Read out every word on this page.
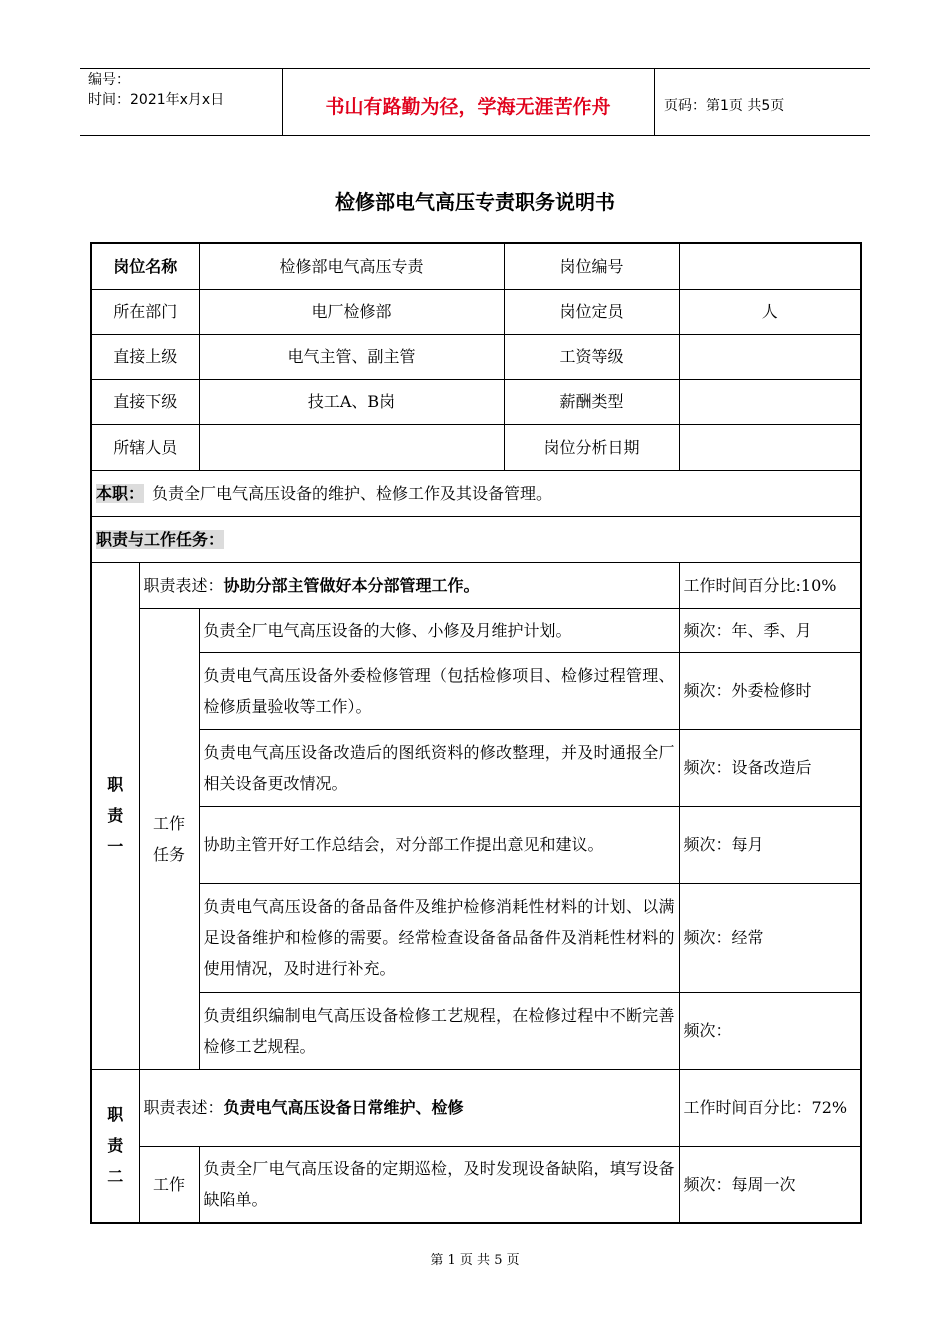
编号：
时间：2021年x月x日	书山有路勤为径，学海无涯苦作舟	页码：第1页 共5页
检修部电气高压专责职务说明书
岗位名称		检修部电气高压专责	岗位编号	
所在部门		电厂检修部	岗位定员	人
直接上级		电气主管、副主管	工资等级	
直接下级		技工A、B岗	薪酬类型	
所辖人员			岗位分析日期	
本职： 负责全厂电气高压设备的维护、检修工作及其设备管理。				
职责与工作任务：				

职
责
一	职责表述：协助分部主管做好本分部管理工作。			工作时间百分比:10%

	工作
任务	负责全厂电气高压设备的大修、小修及月维护计划。		频次：年、季、月
		负责电气高压设备外委检修管理（包括检修项目、检修过程管理、检修质量验收等工作）。		频次：外委检修时
		负责电气高压设备改造后的图纸资料的修改整理，并及时通报全厂相关设备更改情况。		频次：设备改造后
		协助主管开好工作总结会，对分部工作提出意见和建议。		频次：每月
		负责电气高压设备的备品备件及维护检修消耗性材料的计划、以满足设备维护和检修的需要。经常检查设备备品备件及消耗性材料的使用情况，及时进行补充。		频次：经常
		负责组织编制电气高压设备检修工艺规程，在检修过程中不断完善检修工艺规程。		频次：

职
责
二	职责表述：负责电气高压设备日常维护、检修			工作时间百分比：72%
	工作	负责全厂电气高压设备的定期巡检，及时发现设备缺陷，填写设备缺陷单。		频次：每周一次
第 1 页 共 5 页
